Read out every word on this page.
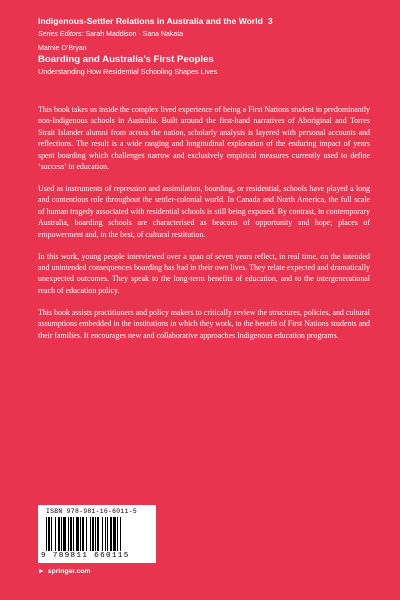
Indigenous-Settler Relations in Australia and the World 3
Series Editors: Sarah Maddison · Sana Nakata
Marnie O’Bryan
Boarding and Australia’s First Peoples
Understanding How Residential Schooling Shapes Lives

This book takes us inside the complex lived experience of being a First Nations student in predominantly non-Indigenous schools in Australia. Built around the first-hand narratives of Aboriginal and Torres Strait Islander alumni from across the nation, scholarly analysis is layered with personal accounts and reflections. The result is a wide ranging and longitudinal exploration of the enduring impact of years spent boarding which challenges narrow and exclusively empirical measures currently used to define ‘success’ in education.

Used as instruments of repression and assimilation, boarding, or residential, schools have played a long and contentious role throughout the settler-colonial world. In Canada and North America, the full scale of human tragedy associated with residential schools is still being exposed. By contrast, in contemporary Australia, boarding schools are characterised as beacons of opportunity and hope; places of empowerment and, in the best, of cultural restitution.

In this work, young people interviewed over a span of seven years reflect, in real time, on the intended and unintended consequences boarding has had in their own lives. They relate expected and dramatically unexpected outcomes. They speak to the long-term benefits of education, and to the intergenerational reach of education policy.

This book assists practitioners and policy makers to critically review the structures, policies, and cultural assumptions embedded in the institutions in which they work, to the benefit of First Nations students and their families. It encourages new and collaborative approaches Indigenous education programs.

ISBN 978-981-16-6011-5
9 789811 660115
► springer.com
